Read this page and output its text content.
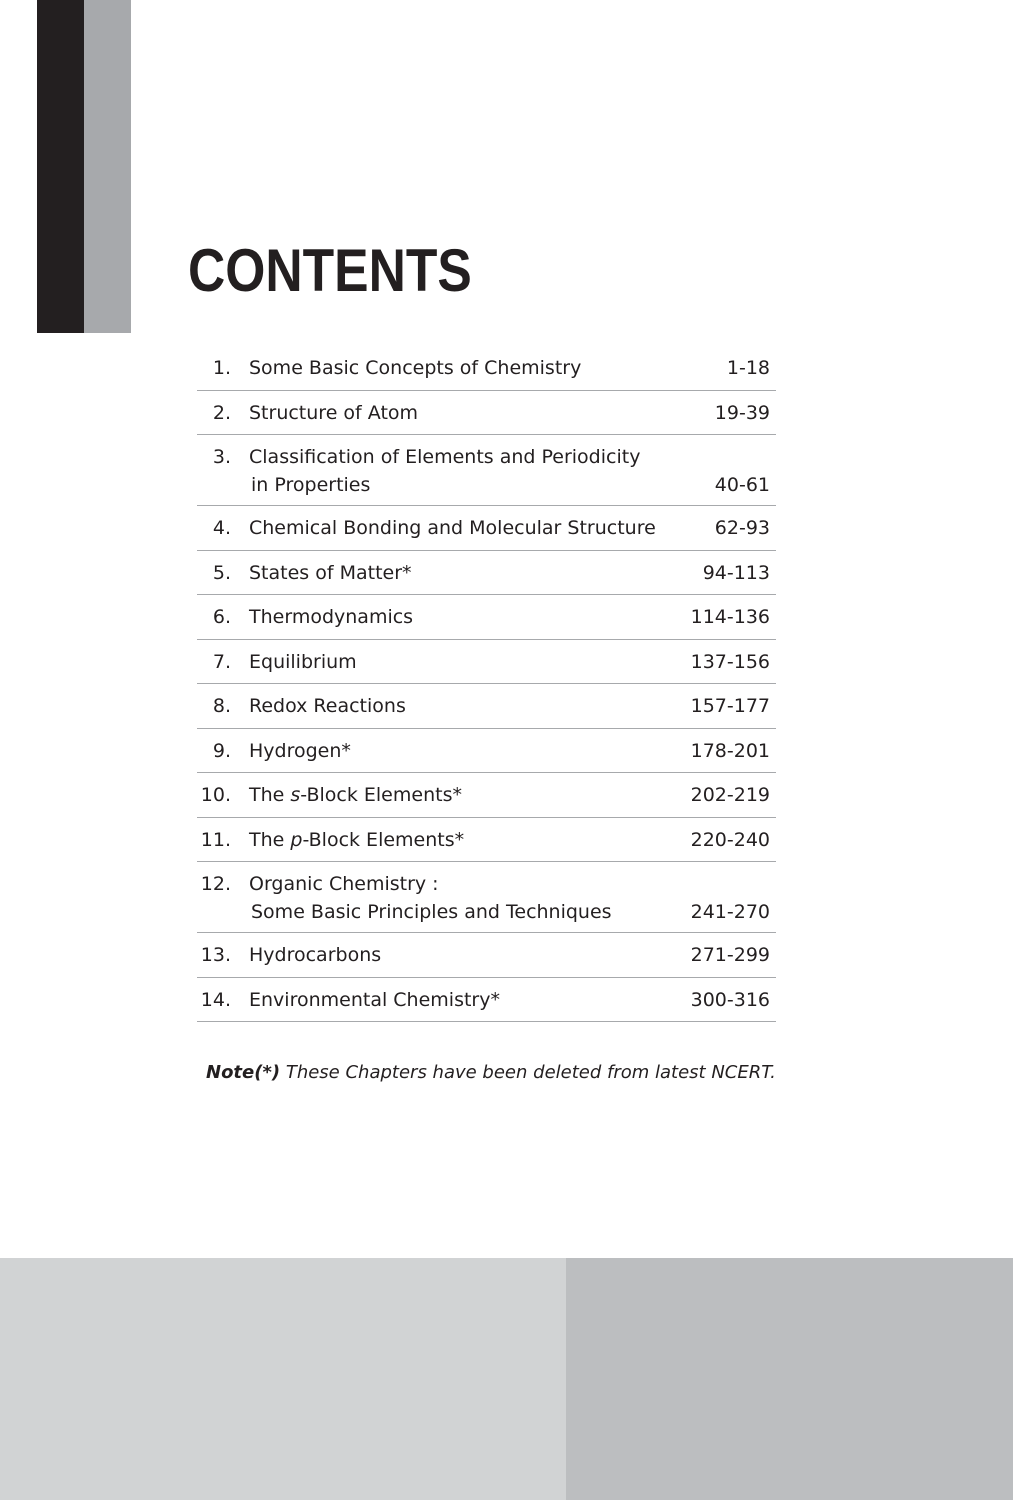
CONTENTS
1. Some Basic Concepts of Chemistry	1-18
2. Structure of Atom	19-39
3. Classification of Elements and Periodicity
in Properties	40-61
4. Chemical Bonding and Molecular Structure	62-93
5. States of Matter*	94-113
6. Thermodynamics	114-136
7. Equilibrium	137-156
8. Redox Reactions	157-177
9. Hydrogen*	178-201
10. The s-Block Elements*	202-219
11. The p-Block Elements*	220-240
12. Organic Chemistry :
Some Basic Principles and Techniques	241-270
13. Hydrocarbons	271-299
14. Environmental Chemistry*	300-316
Note(*) These Chapters have been deleted from latest NCERT.
